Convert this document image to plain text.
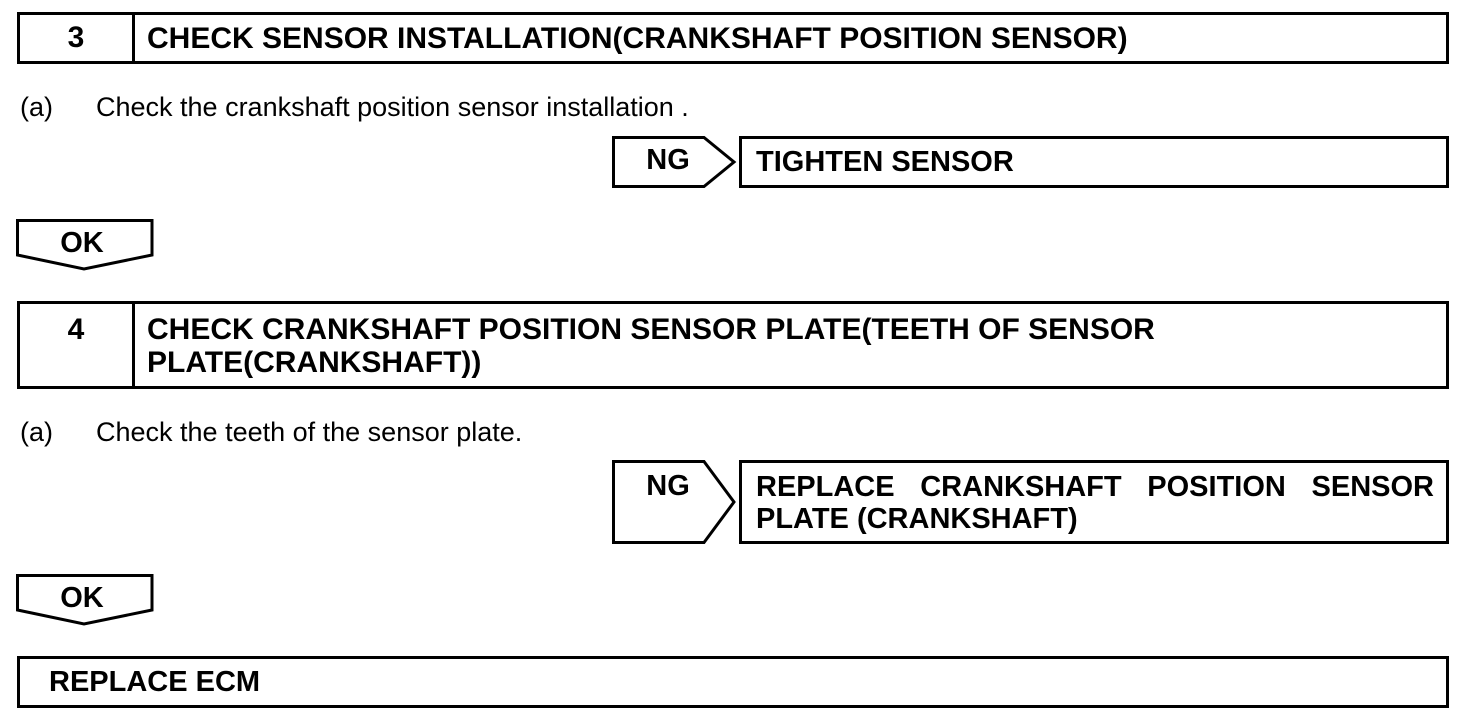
3	CHECK SENSOR INSTALLATION(CRANKSHAFT POSITION SENSOR)
(a) Check the crankshaft position sensor installation .
NG	TIGHTEN SENSOR
OK
4	CHECK CRANKSHAFT POSITION SENSOR PLATE(TEETH OF SENSOR
PLATE(CRANKSHAFT))
(a) Check the teeth of the sensor plate.
NG	REPLACE CRANKSHAFT POSITION SENSOR
PLATE (CRANKSHAFT)
OK
REPLACE ECM
